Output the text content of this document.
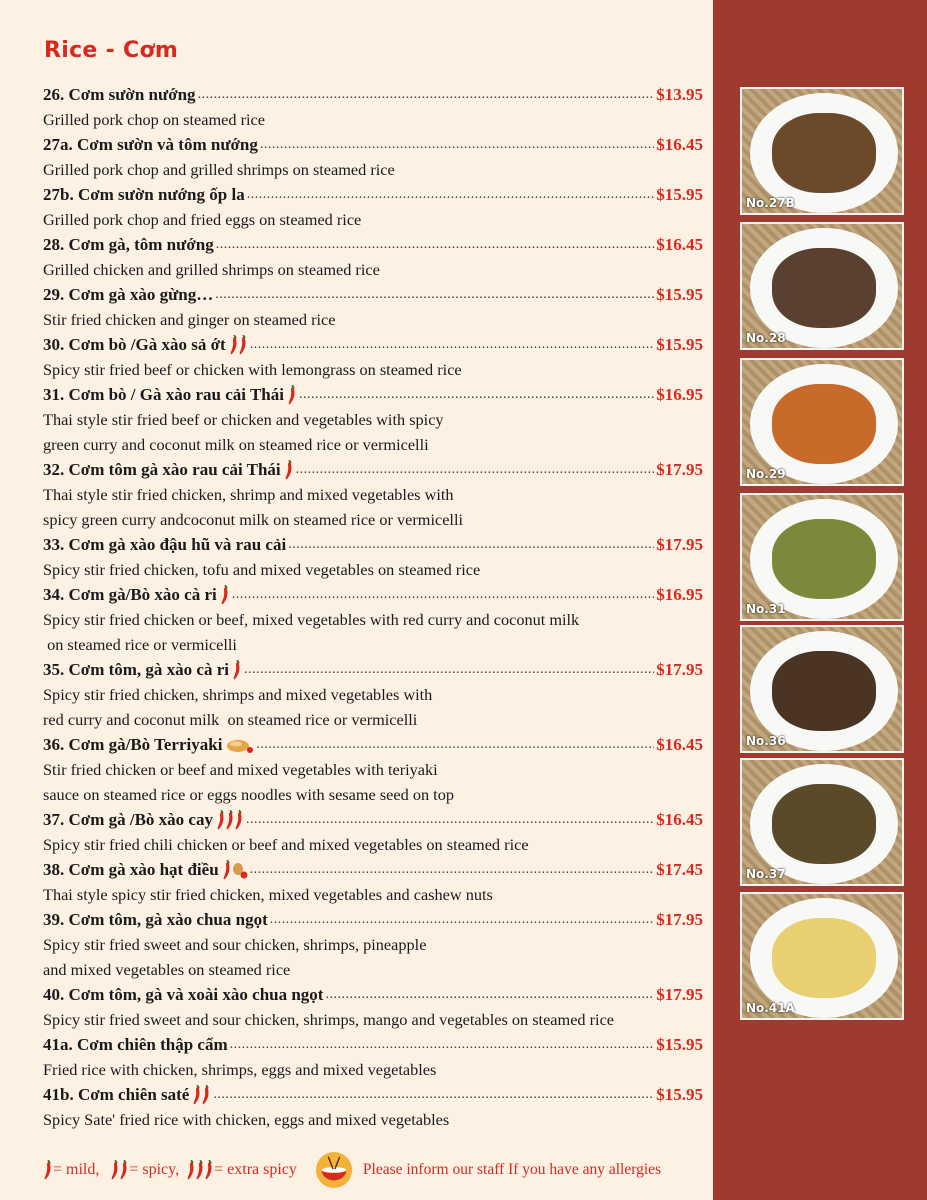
Rice - Cơm
26. Cơm sườn nướng .....	$13.95
Grilled pork chop on steamed rice
27a. Cơm sườn và tôm nướng .....	$16.45
Grilled pork chop and grilled shrimps on steamed rice
27b. Cơm sườn nướng ốp la .....	$15.95
Grilled pork chop and fried eggs on steamed rice
28. Cơm gà, tôm nướng .....	$16.45
Grilled chicken and grilled shrimps on steamed rice
29. Cơm gà xào gừng… .....	$15.95
Stir fried chicken and ginger on steamed rice
30. Cơm bò /Gà xào sả ớt .....	$15.95
Spicy stir fried beef or chicken with lemongrass on steamed rice
31. Cơm bò / Gà xào rau cải Thái .....	$16.95
Thai style stir fried beef or chicken and vegetables with spicy
green curry and coconut milk on steamed rice or vermicelli
32. Cơm tôm gà xào rau cải Thái .....	$17.95
Thai style stir fried chicken, shrimp and mixed vegetables with
spicy green curry andcoconut milk on steamed rice or vermicelli
33. Cơm gà xào đậu hũ và rau cải .....	$17.95
Spicy stir fried chicken, tofu and mixed vegetables on steamed rice
34. Cơm gà/Bò xào cà ri .....	$16.95
Spicy stir fried chicken or beef, mixed vegetables with red curry and coconut milk
on steamed rice or vermicelli
35. Cơm tôm, gà xào cà ri .....	$17.95
Spicy stir fried chicken, shrimps and mixed vegetables with
red curry and coconut milk  on steamed rice or vermicelli
36. Cơm gà/Bò Terriyaki .....	$16.45
Stir fried chicken or beef and mixed vegetables with teriyaki
sauce on steamed rice or eggs noodles with sesame seed on top
37. Cơm gà /Bò xào cay .....	$16.45
Spicy stir fried chili chicken or beef and mixed vegetables on steamed rice
38. Cơm gà xào hạt điều .....	$17.45
Thai style spicy stir fried chicken, mixed vegetables and cashew nuts
39. Cơm tôm, gà xào chua ngọt .....	$17.95
Spicy stir fried sweet and sour chicken, shrimps, pineapple
and mixed vegetables on steamed rice
40. Cơm tôm, gà và xoài xào chua ngọt .....	$17.95
Spicy stir fried sweet and sour chicken, shrimps, mango and vegetables on steamed rice
41a. Cơm chiên thập cẩm .....	$15.95
Fried rice with chicken, shrimps, eggs and mixed vegetables
41b. Cơm chiên saté .....	$15.95
Spicy Sate' fried rice with chicken, eggs and mixed vegetables
= mild, = spicy, = extra spicy	Please inform our staff If you have any allergies
No.27B
No.28
No.29
No.31
No.36
No.37
No.41A
